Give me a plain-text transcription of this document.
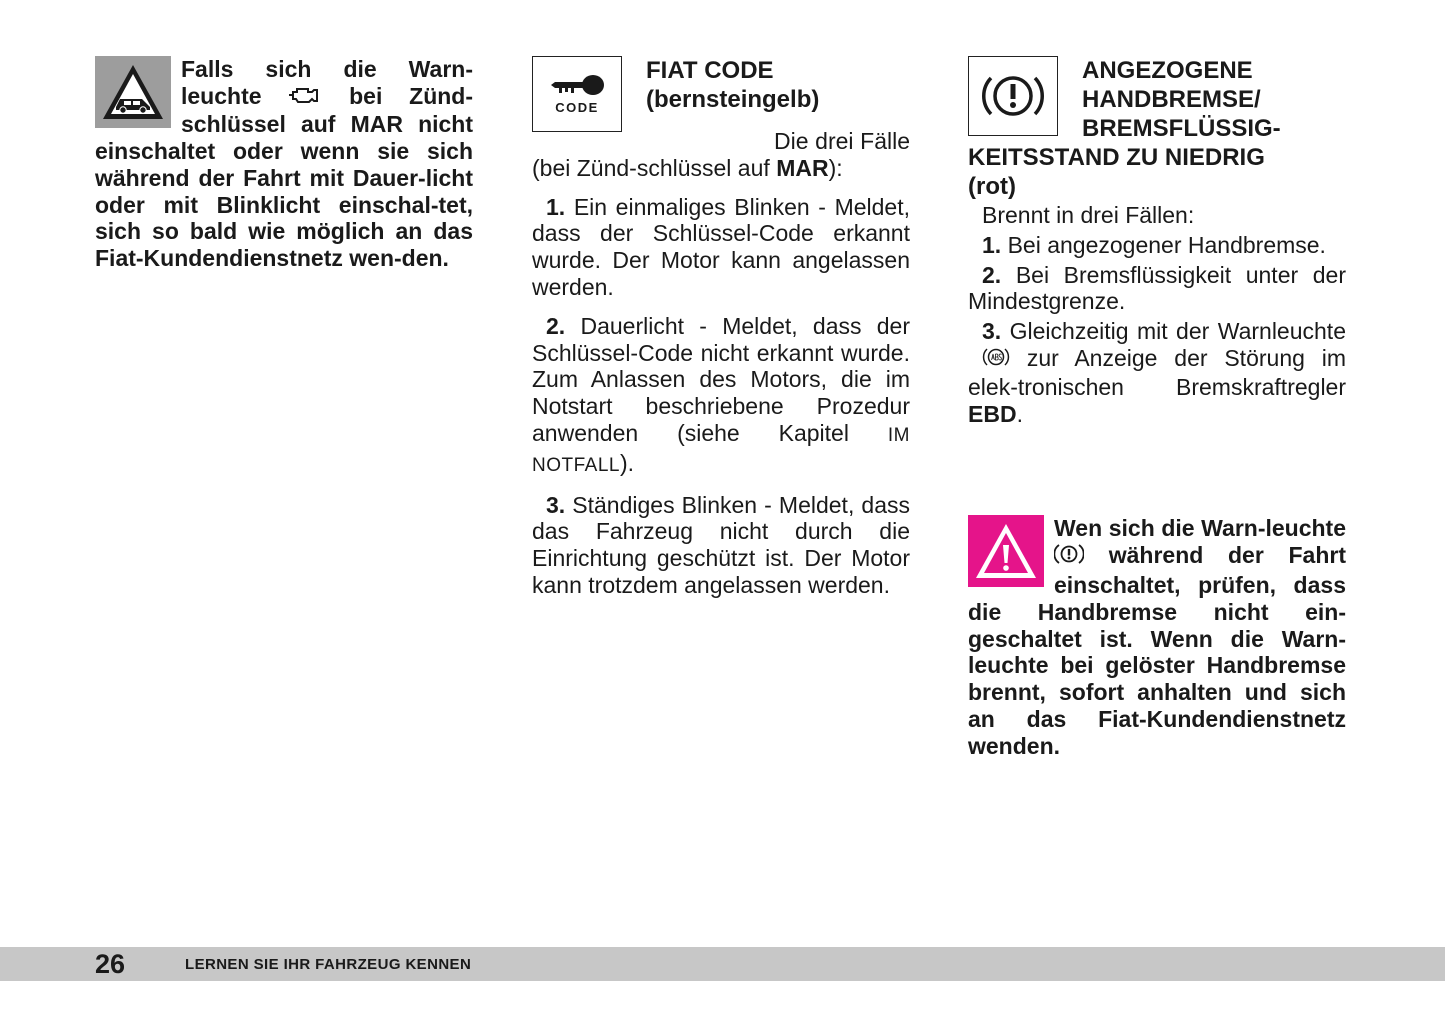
Falls sich die Warn-leuchte	bei Zünd-schlüssel auf MAR nicht einschaltet oder wenn sie sich während der Fahrt mit Dauer-licht oder mit Blinklicht einschal-tet, sich so bald wie möglich an das Fiat-Kundendienstnetz wen-den.

CODE
FIAT CODE
(bernsteingelb)

Die drei Fälle (bei Zünd-schlüssel auf MAR):

1. Ein einmaliges Blinken - Meldet, dass der Schlüssel-Code erkannt wurde. Der Motor kann angelassen werden.

2. Dauerlicht - Meldet, dass der Schlüssel-Code nicht erkannt wurde. Zum Anlassen des Motors, die im Notstart beschriebene Prozedur anwenden (siehe Kapitel IM NOTFALL).

3. Ständiges Blinken - Meldet, dass das Fahrzeug nicht durch die Einrichtung geschützt ist. Der Motor kann trotzdem angelassen werden.

ANGEZOGENE
HANDBREMSE/
BREMSFLÜSSIG-
KEITSSTAND ZU NIEDRIG
(rot)

Brennt in drei Fällen:

1. Bei angezogener Handbremse.

2. Bei Bremsflüssigkeit unter der Mindestgrenze.

3. Gleichzeitig mit der Warnleuchte  zur Anzeige der Störung im elek-tronischen Bremskraftregler EBD.

Wen sich die Warn-leuchte  während der Fahrt einschaltet, prüfen, dass die Handbremse nicht ein-geschaltet ist. Wenn die Warn-leuchte bei gelöster Handbremse brennt, sofort anhalten und sich an das Fiat-Kundendienstnetz wenden.

26	LERNEN SIE IHR FAHRZEUG KENNEN
